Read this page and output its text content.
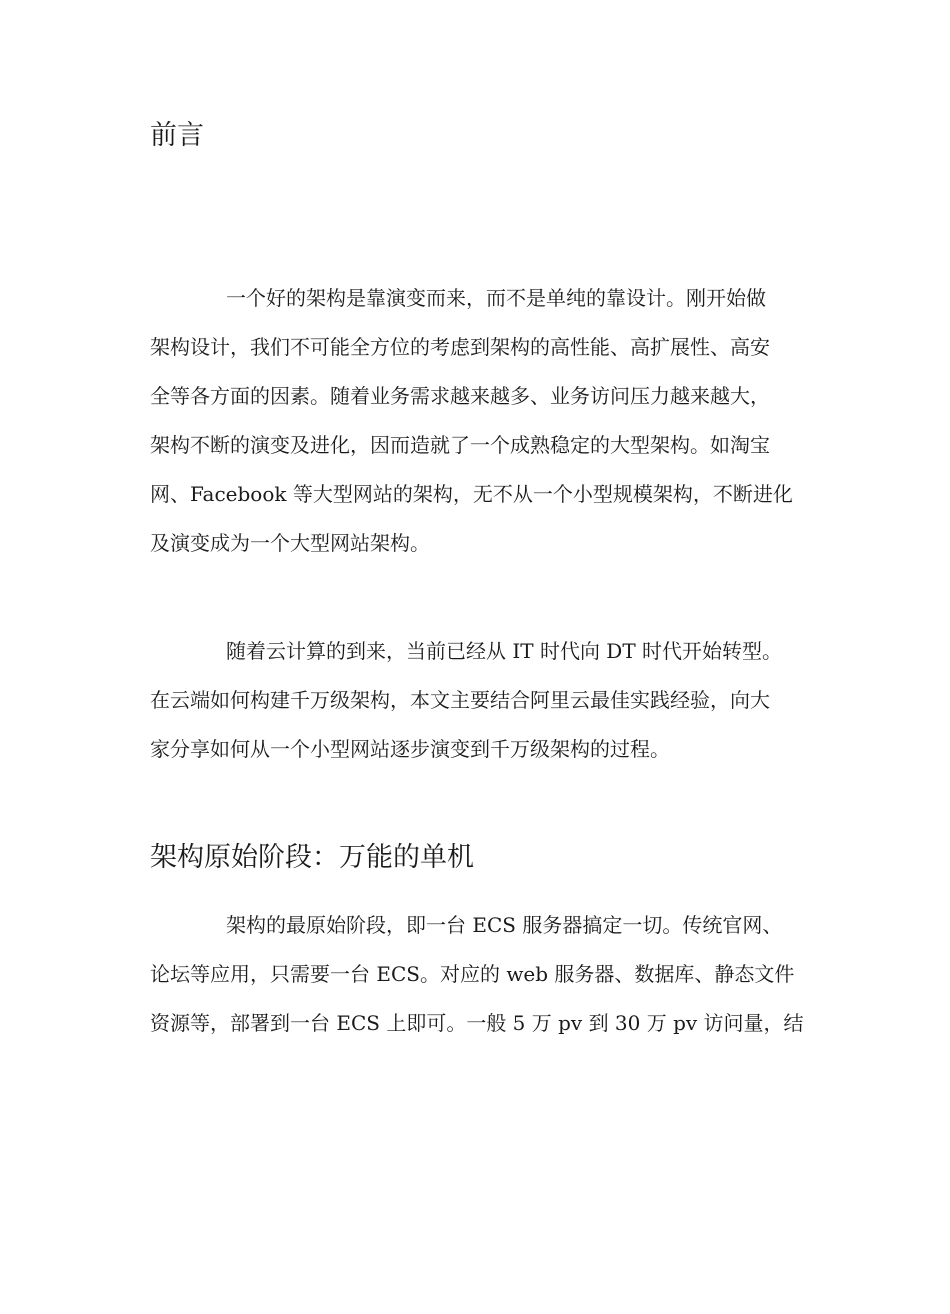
前言
一个好的架构是靠演变而来，而不是单纯的靠设计。刚开始做
架构设计，我们不可能全方位的考虑到架构的高性能、高扩展性、高安
全等各方面的因素。随着业务需求越来越多、业务访问压力越来越大，
架构不断的演变及进化，因而造就了一个成熟稳定的大型架构。如淘宝
网、Facebook 等大型网站的架构，无不从一个小型规模架构，不断进化
及演变成为一个大型网站架构。
随着云计算的到来，当前已经从 IT 时代向 DT 时代开始转型。
在云端如何构建千万级架构，本文主要结合阿里云最佳实践经验，向大
家分享如何从一个小型网站逐步演变到千万级架构的过程。
架构原始阶段：万能的单机
架构的最原始阶段，即一台 ECS 服务器搞定一切。传统官网、
论坛等应用，只需要一台 ECS。对应的 web 服务器、数据库、静态文件
资源等，部署到一台 ECS 上即可。一般 5 万 pv 到 30 万 pv 访问量，结
